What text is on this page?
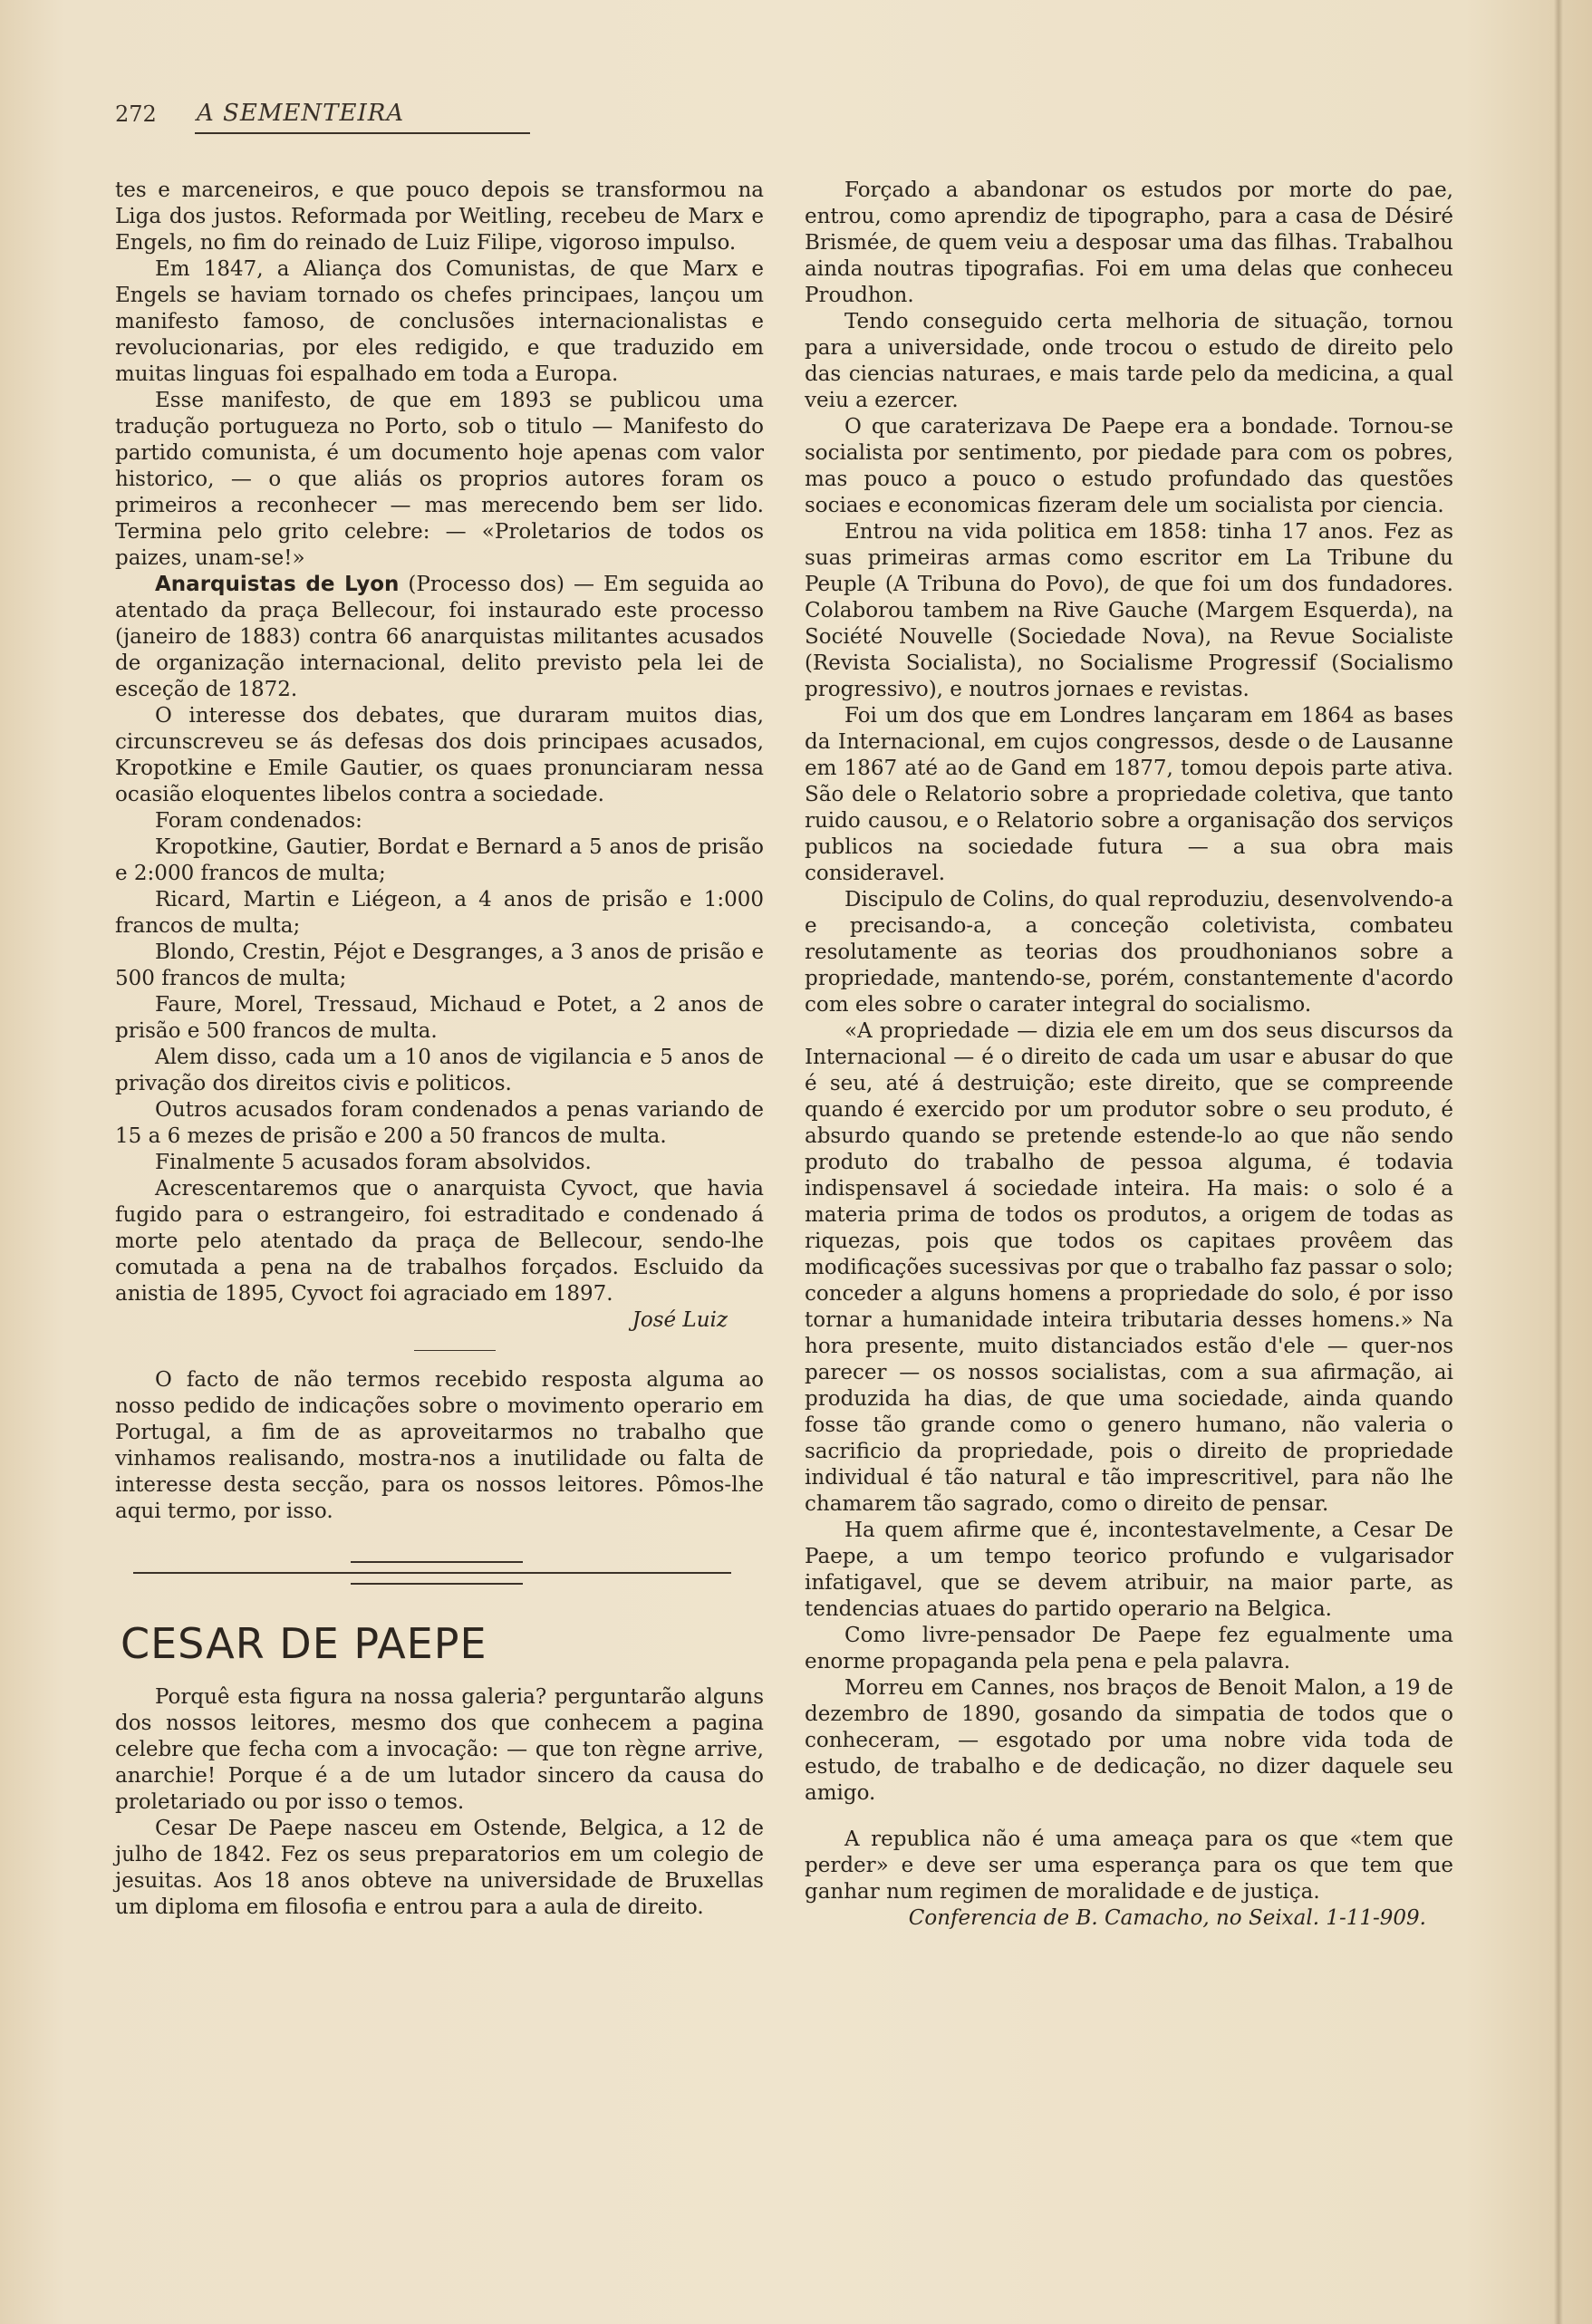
272 A SEMENTEIRA

tes e marceneiros, e que pouco depois se transformou na Liga dos justos. Reformada por Weitling, recebeu de Marx e Engels, no fim do reinado de Luiz Filipe, vigoroso impulso.

Em 1847, a Aliança dos Comunistas, de que Marx e Engels se haviam tornado os chefes principaes, lançou um manifesto famoso, de conclusões internacionalistas e revolucionarias, por eles redigido, e que traduzido em muitas linguas foi espalhado em toda a Europa.

Esse manifesto, de que em 1893 se publicou uma tradução portugueza no Porto, sob o titulo — Manifesto do partido comunista, é um documento hoje apenas com valor historico, — o que aliás os proprios autores foram os primeiros a reconhecer — mas merecendo bem ser lido. Termina pelo grito celebre: — «Proletarios de todos os paizes, unam-se!»

Anarquistas de Lyon (Processo dos) — Em seguida ao atentado da praça Bellecour, foi instaurado este processo (janeiro de 1883) contra 66 anarquistas militantes acusados de organização internacional, delito previsto pela lei de esceção de 1872.

O interesse dos debates, que duraram muitos dias, circunscreveu se ás defesas dos dois principaes acusados, Kropotkine e Emile Gautier, os quaes pronunciaram nessa ocasião eloquentes libelos contra a sociedade.

Foram condenados:

Kropotkine, Gautier, Bordat e Bernard a 5 anos de prisão e 2:000 francos de multa;

Ricard, Martin e Liégeon, a 4 anos de prisão e 1:000 francos de multa;

Blondo, Crestin, Péjot e Desgranges, a 3 anos de prisão e 500 francos de multa;

Faure, Morel, Tressaud, Michaud e Potet, a 2 anos de prisão e 500 francos de multa.

Alem disso, cada um a 10 anos de vigilancia e 5 anos de privação dos direitos civis e politicos.

Outros acusados foram condenados a penas variando de 15 a 6 mezes de prisão e 200 a 50 francos de multa.

Finalmente 5 acusados foram absolvidos.

Acrescentaremos que o anarquista Cyvoct, que havia fugido para o estrangeiro, foi estraditado e condenado á morte pelo atentado da praça de Bellecour, sendo-lhe comutada a pena na de trabalhos forçados. Escluido da anistia de 1895, Cyvoct foi agraciado em 1897.

José Luiz

O facto de não termos recebido resposta alguma ao nosso pedido de indicações sobre o movimento operario em Portugal, a fim de as aproveitarmos no trabalho que vinhamos realisando, mostra-nos a inutilidade ou falta de interesse desta secção, para os nossos leitores. Pômos-lhe aqui termo, por isso.

CESAR DE PAEPE

Porquê esta figura na nossa galeria? perguntarão alguns dos nossos leitores, mesmo dos que conhecem a pagina celebre que fecha com a invocação: — que ton règne arrive, anarchie! Porque é a de um lutador sincero da causa do proletariado ou por isso o temos.

Cesar De Paepe nasceu em Ostende, Belgica, a 12 de julho de 1842. Fez os seus preparatorios em um colegio de jesuitas. Aos 18 anos obteve na universidade de Bruxellas um diploma em filosofia e entrou para a aula de direito.

Forçado a abandonar os estudos por morte do pae, entrou, como aprendiz de tipographo, para a casa de Désiré Brismée, de quem veiu a desposar uma das filhas. Trabalhou ainda noutras tipografias. Foi em uma delas que conheceu Proudhon.

Tendo conseguido certa melhoria de situação, tornou para a universidade, onde trocou o estudo de direito pelo das ciencias naturaes, e mais tarde pelo da medicina, a qual veiu a ezercer.

O que caraterizava De Paepe era a bondade. Tornou-se socialista por sentimento, por piedade para com os pobres, mas pouco a pouco o estudo profundado das questões sociaes e economicas fizeram dele um socialista por ciencia.

Entrou na vida politica em 1858: tinha 17 anos. Fez as suas primeiras armas como escritor em La Tribune du Peuple (A Tribuna do Povo), de que foi um dos fundadores. Colaborou tambem na Rive Gauche (Margem Esquerda), na Société Nouvelle (Sociedade Nova), na Revue Socialiste (Revista Socialista), no Socialisme Progressif (Socialismo progressivo), e noutros jornaes e revistas.

Foi um dos que em Londres lançaram em 1864 as bases da Internacional, em cujos congressos, desde o de Lausanne em 1867 até ao de Gand em 1877, tomou depois parte ativa. São dele o Relatorio sobre a propriedade coletiva, que tanto ruido causou, e o Relatorio sobre a organisação dos serviços publicos na sociedade futura — a sua obra mais consideravel.

Discipulo de Colins, do qual reproduziu, desenvolvendo-a e precisando-a, a conceção coletivista, combateu resolutamente as teorias dos proudhonianos sobre a propriedade, mantendo-se, porém, constantemente d'acordo com eles sobre o carater integral do socialismo.

«A propriedade — dizia ele em um dos seus discursos da Internacional — é o direito de cada um usar e abusar do que é seu, até á destruição; este direito, que se compreende quando é exercido por um produtor sobre o seu produto, é absurdo quando se pretende estende-lo ao que não sendo produto do trabalho de pessoa alguma, é todavia indispensavel á sociedade inteira. Ha mais: o solo é a materia prima de todos os produtos, a origem de todas as riquezas, pois que todos os capitaes provêem das modificações sucessivas por que o trabalho faz passar o solo; conceder a alguns homens a propriedade do solo, é por isso tornar a humanidade inteira tributaria desses homens.» Na hora presente, muito distanciados estão d'ele — quer-nos parecer — os nossos socialistas, com a sua afirmação, ai produzida ha dias, de que uma sociedade, ainda quando fosse tão grande como o genero humano, não valeria o sacrificio da propriedade, pois o direito de propriedade individual é tão natural e tão imprescritivel, para não lhe chamarem tão sagrado, como o direito de pensar.

Ha quem afirme que é, incontestavelmente, a Cesar De Paepe, a um tempo teorico profundo e vulgarisador infatigavel, que se devem atribuir, na maior parte, as tendencias atuaes do partido operario na Belgica.

Como livre-pensador De Paepe fez egualmente uma enorme propaganda pela pena e pela palavra.

Morreu em Cannes, nos braços de Benoit Malon, a 19 de dezembro de 1890, gosando da simpatia de todos que o conheceram, — esgotado por uma nobre vida toda de estudo, de trabalho e de dedicação, no dizer daquele seu amigo.

A republica não é uma ameaça para os que «tem que perder» e deve ser uma esperança para os que tem que ganhar num regimen de moralidade e de justiça.

Conferencia de B. Camacho, no Seixal. 1-11-909.
